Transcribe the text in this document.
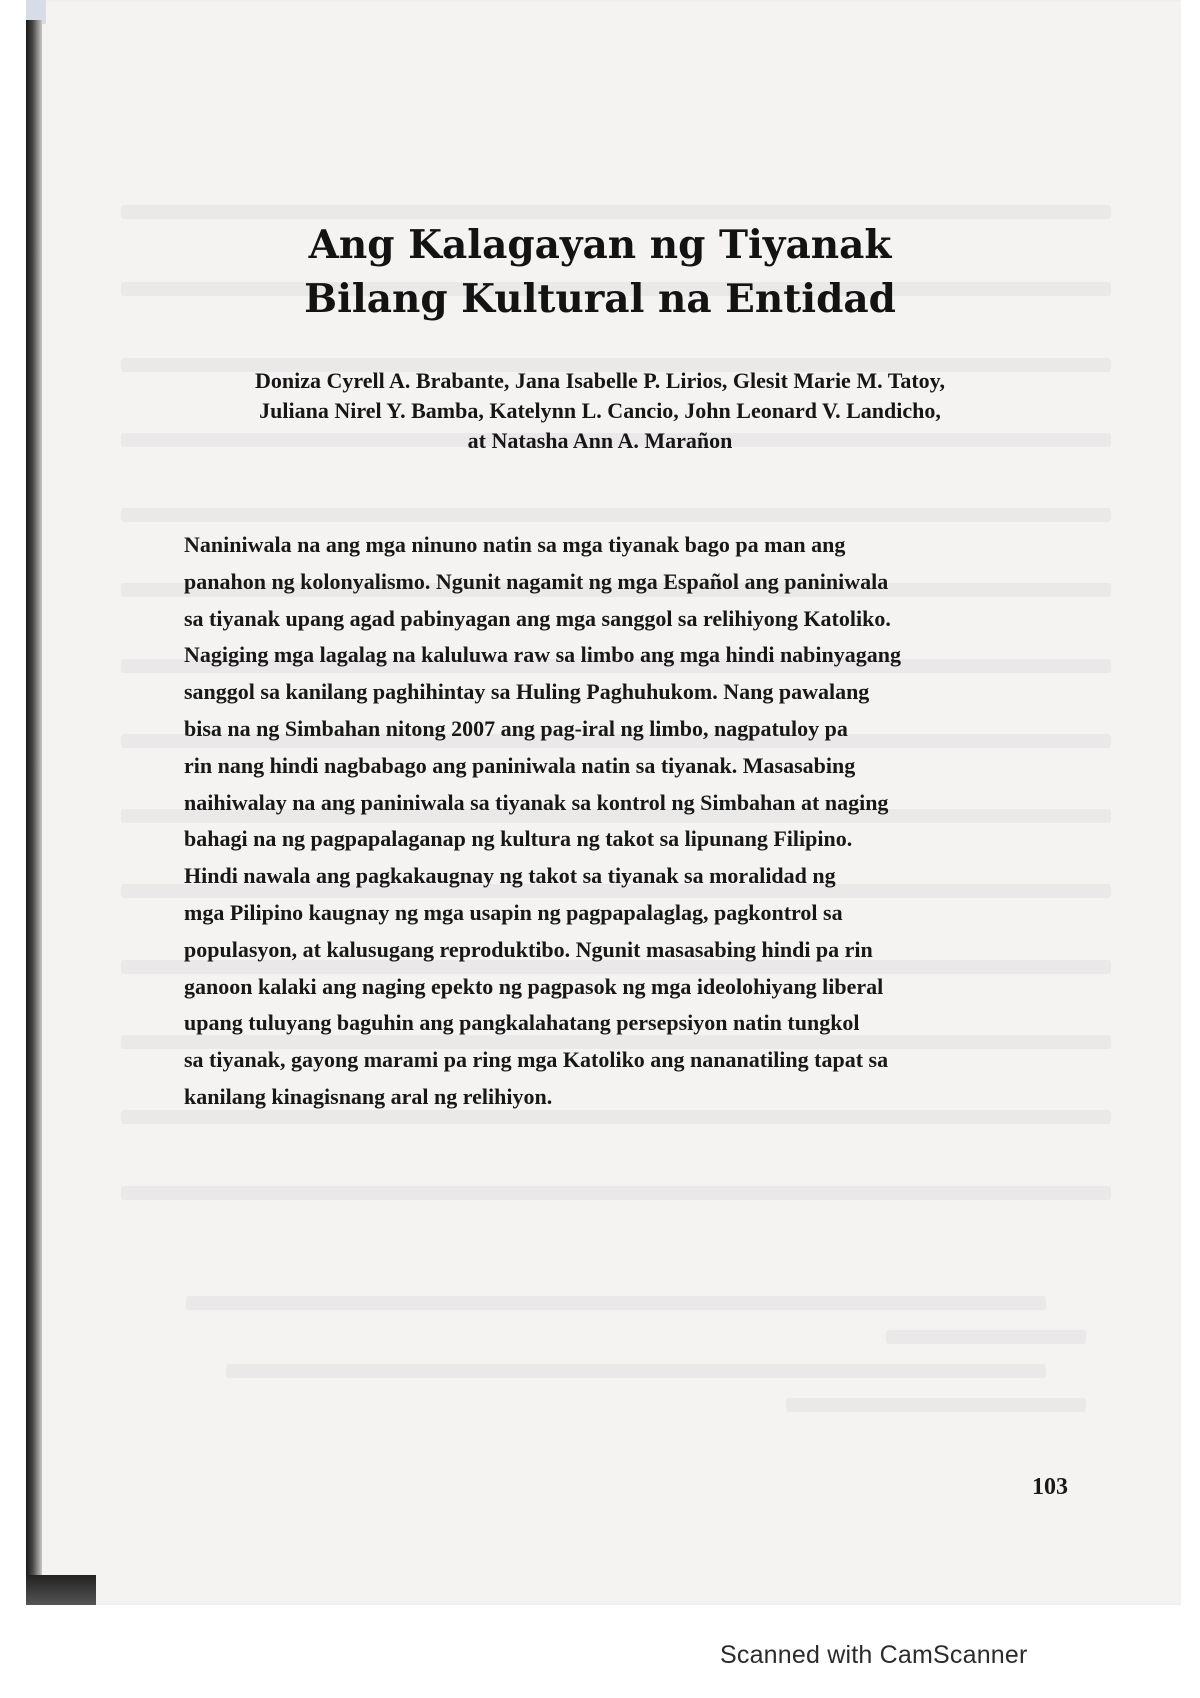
Ang Kalagayan ng Tiyanak
Bilang Kultural na Entidad
Doniza Cyrell A. Brabante, Jana Isabelle P. Lirios, Glesit Marie M. Tatoy,
Juliana Nirel Y. Bamba, Katelynn L. Cancio, John Leonard V. Landicho,
at Natasha Ann A. Marañon
Naniniwala na ang mga ninuno natin sa mga tiyanak bago pa man ang
panahon ng kolonyalismo. Ngunit nagamit ng mga Español ang paniniwala
sa tiyanak upang agad pabinyagan ang mga sanggol sa relihiyong Katoliko.
Nagiging mga lagalag na kaluluwa raw sa limbo ang mga hindi nabinyagang
sanggol sa kanilang paghihintay sa Huling Paghuhukom. Nang pawalang
bisa na ng Simbahan nitong 2007 ang pag-iral ng limbo, nagpatuloy pa
rin nang hindi nagbabago ang paniniwala natin sa tiyanak. Masasabing
naihiwalay na ang paniniwala sa tiyanak sa kontrol ng Simbahan at naging
bahagi na ng pagpapalaganap ng kultura ng takot sa lipunang Filipino.
Hindi nawala ang pagkakaugnay ng takot sa tiyanak sa moralidad ng
mga Pilipino kaugnay ng mga usapin ng pagpapalaglag, pagkontrol sa
populasyon, at kalusugang reproduktibo. Ngunit masasabing hindi pa rin
ganoon kalaki ang naging epekto ng pagpasok ng mga ideolohiyang liberal
upang tuluyang baguhin ang pangkalahatang persepsiyon natin tungkol
sa tiyanak, gayong marami pa ring mga Katoliko ang nananatiling tapat sa
kanilang kinagisnang aral ng relihiyon.
103
Scanned with CamScanner
